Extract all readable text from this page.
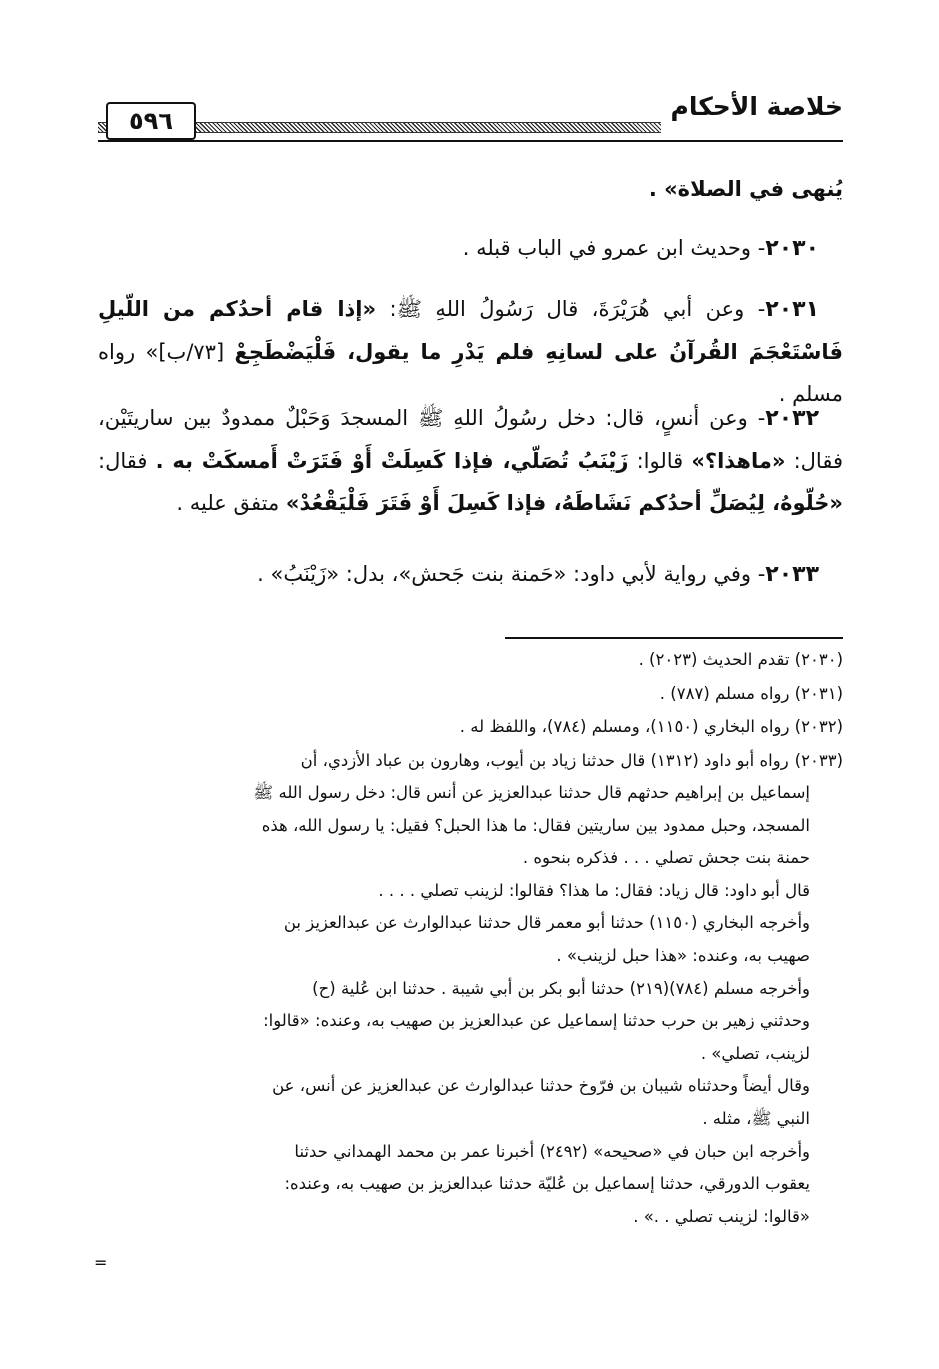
٥٩٦	خلاصة الأحكام
يُنهى في الصلاة» .
٢٠٣٠- وحديث ابن عمرو في الباب قبله .
٢٠٣١- وعن أبي هُرَيْرَةَ، قال رَسُولُ اللهِ ﷺ: «إذا قام أحدُكم من اللّيلِ فَاسْتَعْجَمَ القُرآنُ على لسانِهِ فلم يَدْرِ ما يقول، فَلْيَضْطَجِعْ [٧٣/ب]» رواه مسلم .
٢٠٣٢- وعن أنسٍ، قال: دخل رسُولُ اللهِ ﷺ المسجدَ وَحَبْلٌ ممدودٌ بين ساريتَيْن، فقال: «ماهذا؟» قالوا: زَيْنَبُ تُصَلّي، فإذا كَسِلَتْ أَوْ فَتَرَتْ أَمسكَتْ به . فقال: «حُلّوهُ، لِيُصَلِّ أحدُكم نَشَاطَهُ، فإذا كَسِلَ أَوْ فَتَرَ فَلْيَقْعُدْ» متفق عليه .
٢٠٣٣- وفي رواية لأبي داود: «حَمنة بنت جَحش»، بدل: «زَيْنَبُ» .
(٢٠٣٠) تقدم الحديث (٢٠٢٣) .
(٢٠٣١) رواه مسلم (٧٨٧) .
(٢٠٣٢) رواه البخاري (١١٥٠)، ومسلم (٧٨٤)، واللفظ له .
(٢٠٣٣)رواه أبو داود (١٣١٢) قال حدثنا زياد بن أيوب، وهارون بن عباد الأزدي، أن

إسماعيل بن إبراهيم حدثهم قال حدثنا عبدالعزيز عن أنس قال: دخل رسول الله ﷺ

المسجد، وحبل ممدود بين ساريتين فقال: ما هذا الحبل؟ فقيل: يا رسول الله، هذه

حمنة بنت جحش تصلي . . . فذكره بنحوه .

قال أبو داود: قال زياد: فقال: ما هذا؟ فقالوا: لزينب تصلي . . . .

وأخرجه البخاري (١١٥٠) حدثنا أبو معمر قال حدثنا عبدالوارث عن عبدالعزيز بن

صهيب به، وعنده: «هذا حبل لزينب» .

وأخرجه مسلم (٧٨٤)(٢١٩) حدثنا أبو بكر بن أبي شيبة . حدثنا ابن عُلية (ح)

وحدثني زهير بن حرب حدثنا إسماعيل عن عبدالعزيز بن صهيب به، وعنده: «قالوا:

لزينب، تصلي» .

وقال أيضاً وحدثناه شيبان بن فرّوخ حدثنا عبدالوارث عن عبدالعزيز عن أنس، عن

النبي ﷺ، مثله .

وأخرجه ابن حبان في «صحيحه» (٢٤٩٢) أخبرنا عمر بن محمد الهمداني حدثنا

يعقوب الدورقي، حدثنا إسماعيل بن عُليّة حدثنا عبدالعزيز بن صهيب به، وعنده:

«قالوا: لزينب تصلي . .» .

=
